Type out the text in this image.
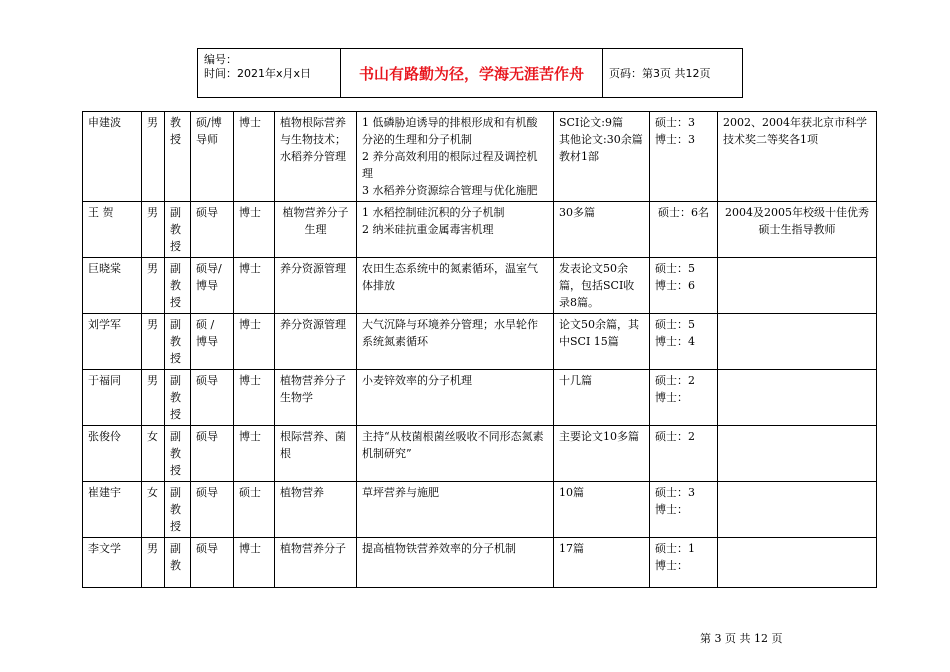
编号：
时间：2021年x月x日	书山有路勤为径，学海无涯苦作舟	页码：第3页 共12页
申建波	男	教授	硕/博导师	博士	植物根际营养与生物技术；水稻养分管理	1 低磷胁迫诱导的排根形成和有机酸分泌的生理和分子机制
2 养分高效利用的根际过程及调控机理
3 水稻养分资源综合管理与优化施肥	SCI论文:9篇
其他论文:30余篇
教材1部	硕士：3
博士：3	2002、2004年获北京市科学技术奖二等奖各1项
王 贺	男	副教授	硕导	博士	植物营养分子生理	1 水稻控制硅沉积的分子机制
2 纳米硅抗重金属毒害机理	30多篇	硕士：6名	2004及2005年校级十佳优秀硕士生指导教师
巨晓棠	男	副教授	硕导/博导	博士	养分资源管理	农田生态系统中的氮素循环，温室气体排放	发表论文50余篇，包括SCI收录8篇。	硕士：5
博士：6	
刘学军	男	副教授	硕 / 博导	博士	养分资源管理	大气沉降与环境养分管理；水旱轮作系统氮素循环	论文50余篇，其中SCI 15篇	硕士：5
博士：4	
于福同	男	副教授	硕导	博士	植物营养分子生物学	小麦锌效率的分子机理	十几篇	硕士：2
博士：	
张俊伶	女	副教授	硕导	博士	根际营养、菌根	主持“从枝菌根菌丝吸收不同形态氮素机制研究”	主要论文10多篇	硕士：2	
崔建宇	女	副教授	硕导	硕士	植物营养	草坪营养与施肥	10篇	硕士：3
博士：	
李文学	男	副教	硕导	博士	植物营养分子	提高植物铁营养效率的分子机制	17篇	硕士：1
博士：	
第 3 页 共 12 页
